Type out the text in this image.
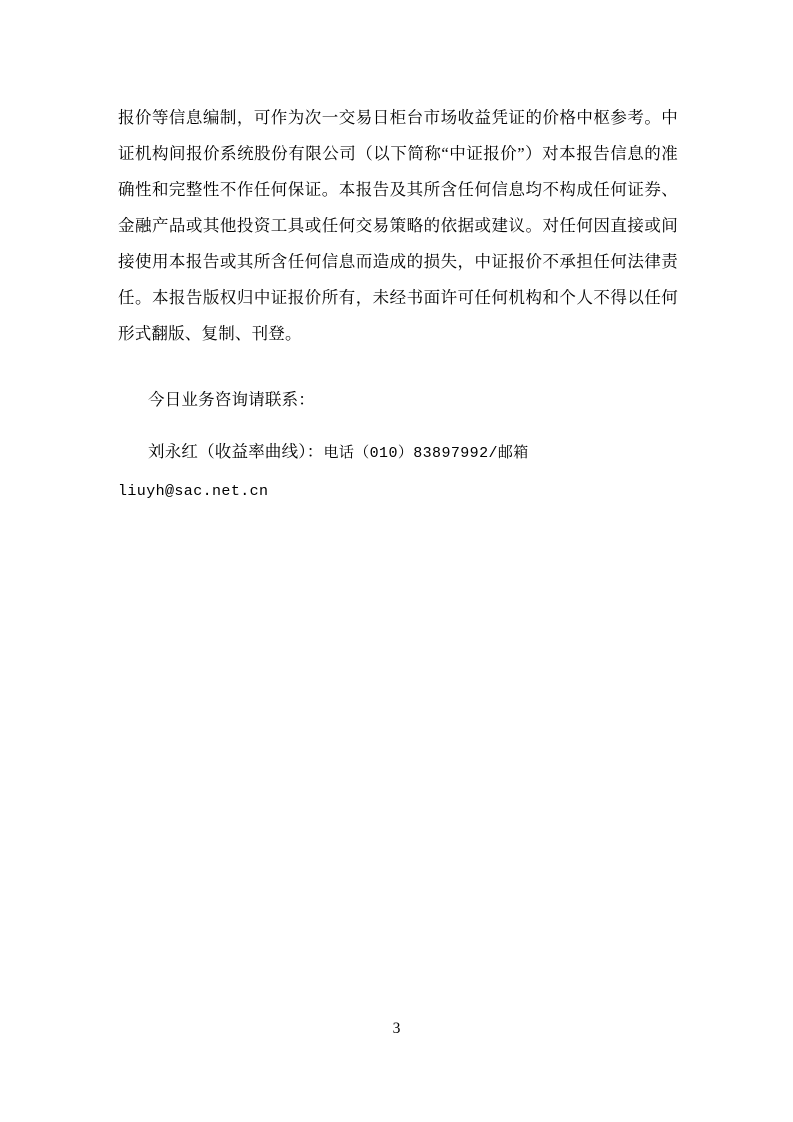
报价等信息编制，可作为次一交易日柜台市场收益凭证的价格中枢参考。中证机构间报价系统股份有限公司（以下简称“中证报价”）对本报告信息的准确性和完整性不作任何保证。本报告及其所含任何信息均不构成任何证券、金融产品或其他投资工具或任何交易策略的依据或建议。对任何因直接或间接使用本报告或其所含任何信息而造成的损失，中证报价不承担任何法律责任。本报告版权归中证报价所有，未经书面许可任何机构和个人不得以任何形式翻版、复制、刊登。
今日业务咨询请联系：
刘永红（收益率曲线）：电话（010）83897992/邮箱 liuyh@sac.net.cn
3
